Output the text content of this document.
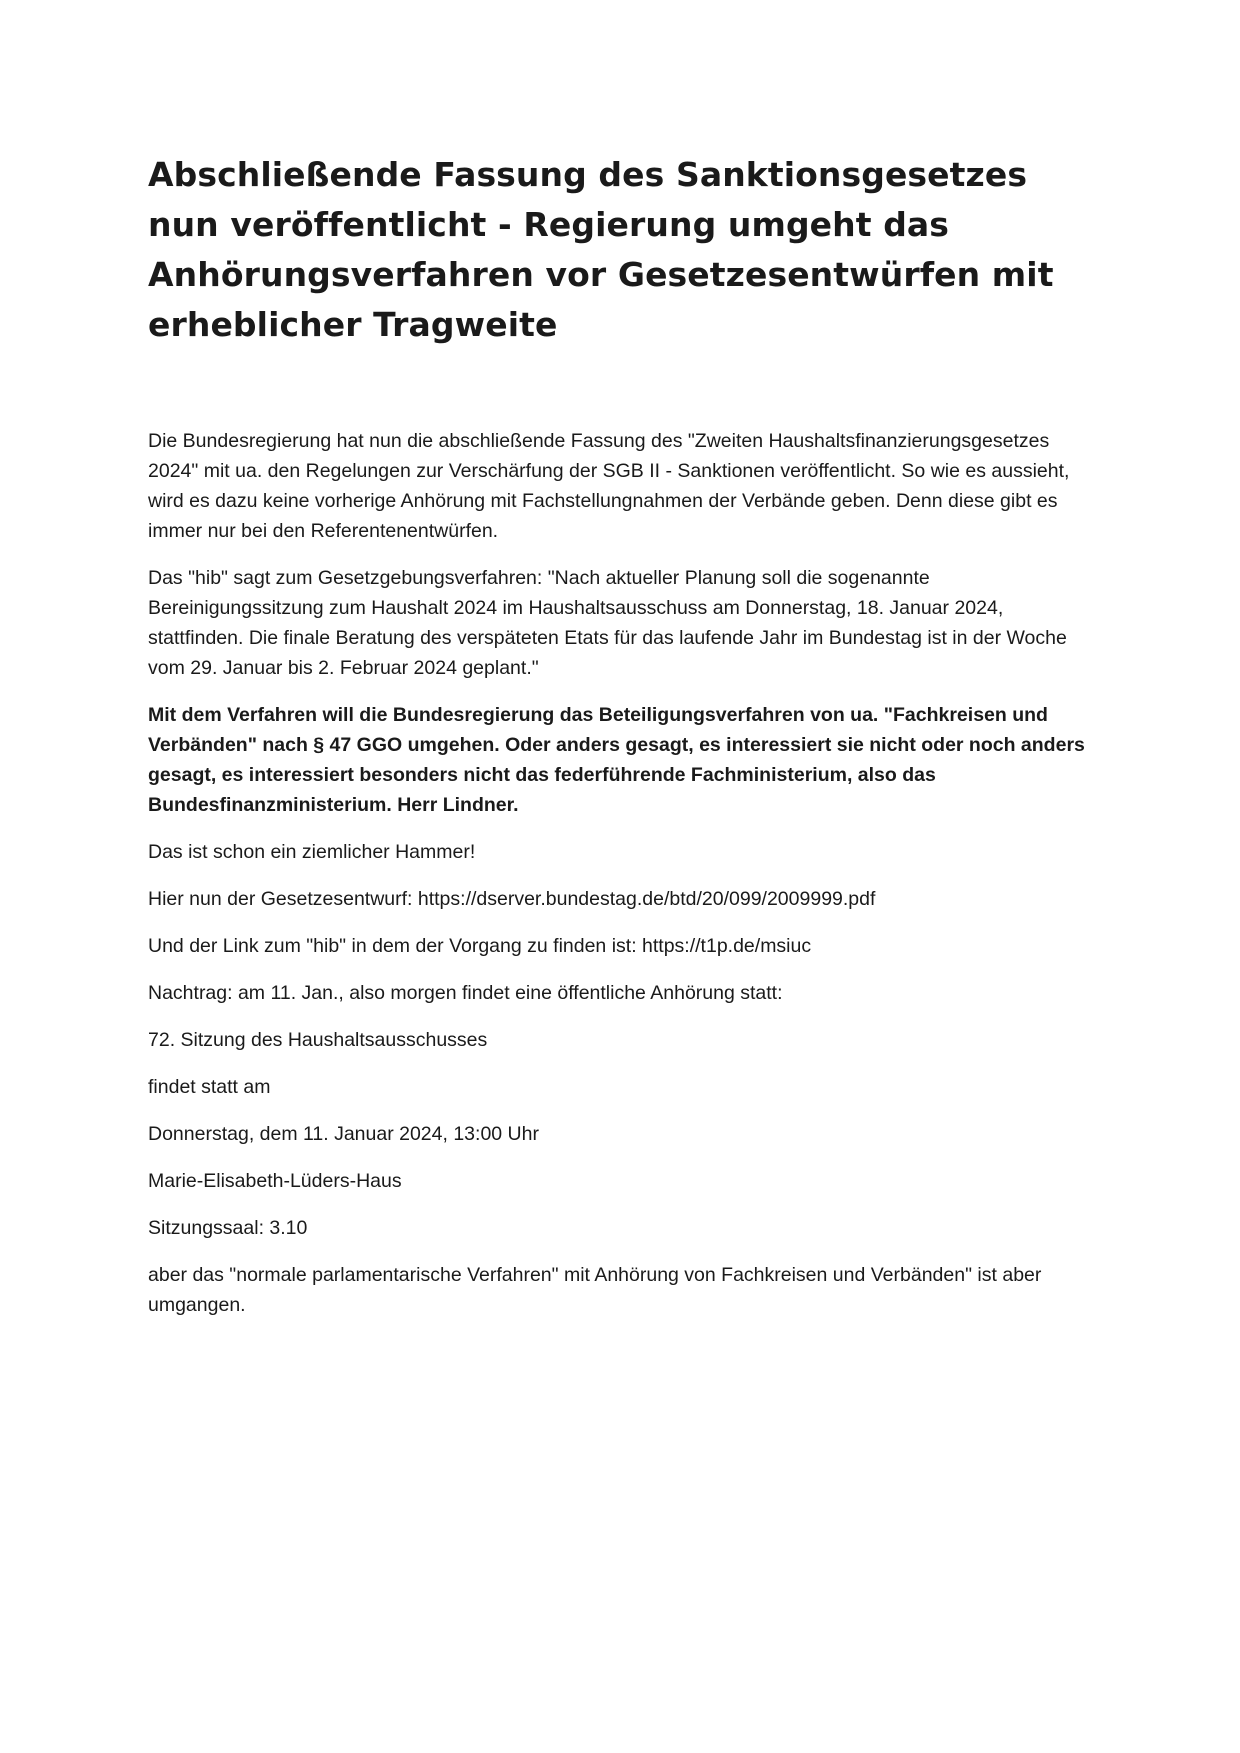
Abschließende Fassung des Sanktionsgesetzes nun veröffentlicht - Regierung umgeht das Anhörungsverfahren vor Gesetzesentwürfen mit erheblicher Tragweite

Die Bundesregierung hat nun die abschließende Fassung des "Zweiten Haushaltsfinanzierungsgesetzes 2024" mit ua. den Regelungen zur Verschärfung der SGB II - Sanktionen veröffentlicht. So wie es aussieht, wird es dazu keine vorherige Anhörung mit Fachstellungnahmen der Verbände geben. Denn diese gibt es immer nur bei den Referentenentwürfen.

Das "hib" sagt zum Gesetzgebungsverfahren: "Nach aktueller Planung soll die sogenannte Bereinigungssitzung zum Haushalt 2024 im Haushaltsausschuss am Donnerstag, 18. Januar 2024, stattfinden. Die finale Beratung des verspäteten Etats für das laufende Jahr im Bundestag ist in der Woche vom 29. Januar bis 2. Februar 2024 geplant."

Mit dem Verfahren will die Bundesregierung das Beteiligungsverfahren von ua. "Fachkreisen und Verbänden" nach § 47 GGO umgehen. Oder anders gesagt, es interessiert sie nicht oder noch anders gesagt, es interessiert besonders nicht das federführende Fachministerium, also das Bundesfinanzministerium. Herr Lindner.

Das ist schon ein ziemlicher Hammer!

Hier nun der Gesetzesentwurf: https://dserver.bundestag.de/btd/20/099/2009999.pdf

Und der Link zum "hib" in dem der Vorgang zu finden ist: https://t1p.de/msiuc

Nachtrag: am 11. Jan., also morgen findet eine öffentliche Anhörung statt:

72. Sitzung des Haushaltsausschusses

findet statt am

Donnerstag, dem 11. Januar 2024, 13:00 Uhr

Marie-Elisabeth-Lüders-Haus

Sitzungssaal: 3.10

aber das "normale parlamentarische Verfahren" mit Anhörung von Fachkreisen und Verbänden" ist aber umgangen.
